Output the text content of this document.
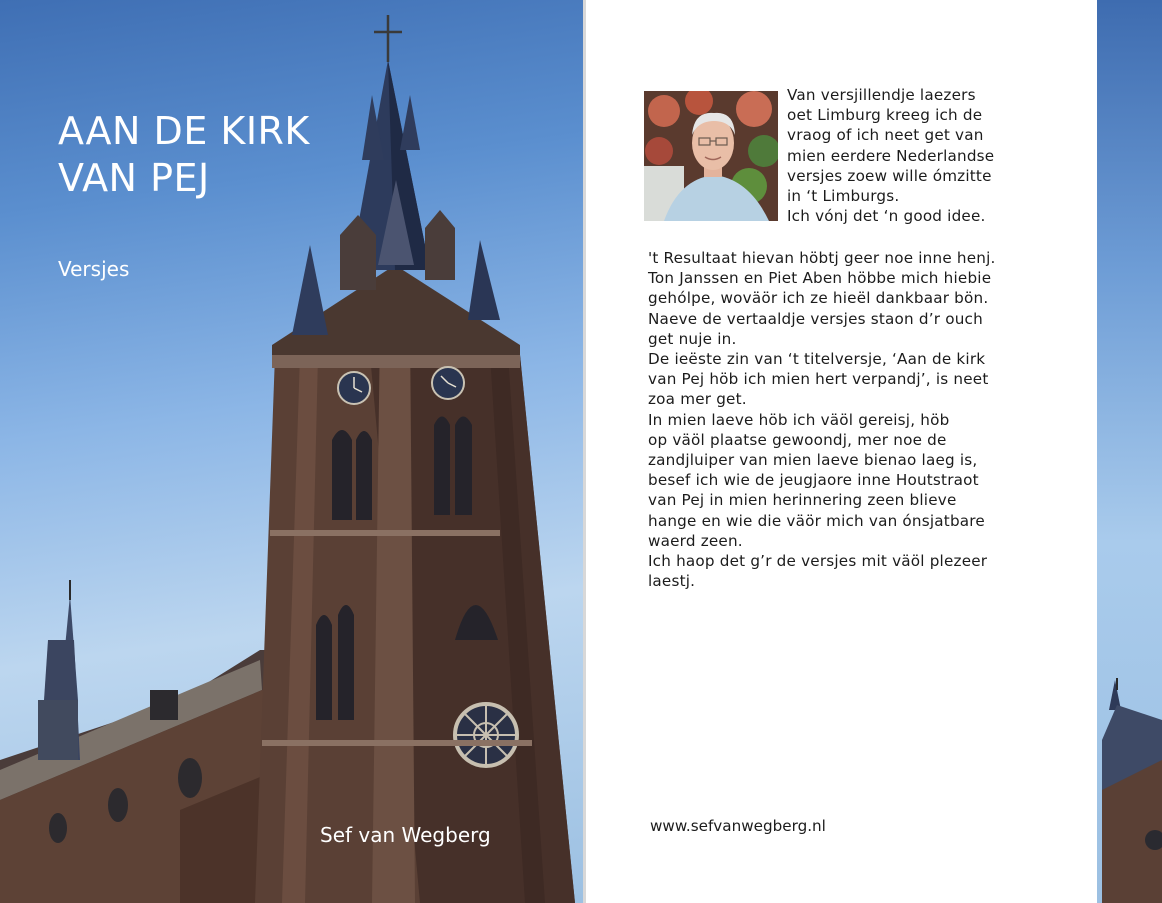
AAN DE KIRK
VAN PEJ
Versjes
Sef van Wegberg
Van versjillendje laezers
oet Limburg kreeg ich de
vraog of ich neet get van
mien eerdere Nederlandse
versjes zoew wille ómzitte
in ‘t Limburgs.
Ich vónj det ‘n good idee.
't Resultaat hievan höbtj geer noe inne henj.
Ton Janssen en Piet Aben höbbe mich hiebie
gehólpe, woväör ich ze hieël dankbaar bön.
Naeve de vertaaldje versjes staon d’r ouch
get nuje in.
De ieëste zin van ‘t titelversje, ‘Aan de kirk
van Pej höb ich mien hert verpandj’, is neet
zoa mer get.
In mien laeve höb ich väöl gereisj, höb
op väöl plaatse gewoondj, mer noe de
zandjluiper van mien laeve bienao laeg is,
besef ich wie de jeugjaore inne Houtstraot
van Pej in mien herinnering zeen blieve
hange en wie die väör mich van ónsjatbare
waerd zeen.
Ich haop det g’r de versjes mit väöl plezeer
laestj.
www.sefvanwegberg.nl
